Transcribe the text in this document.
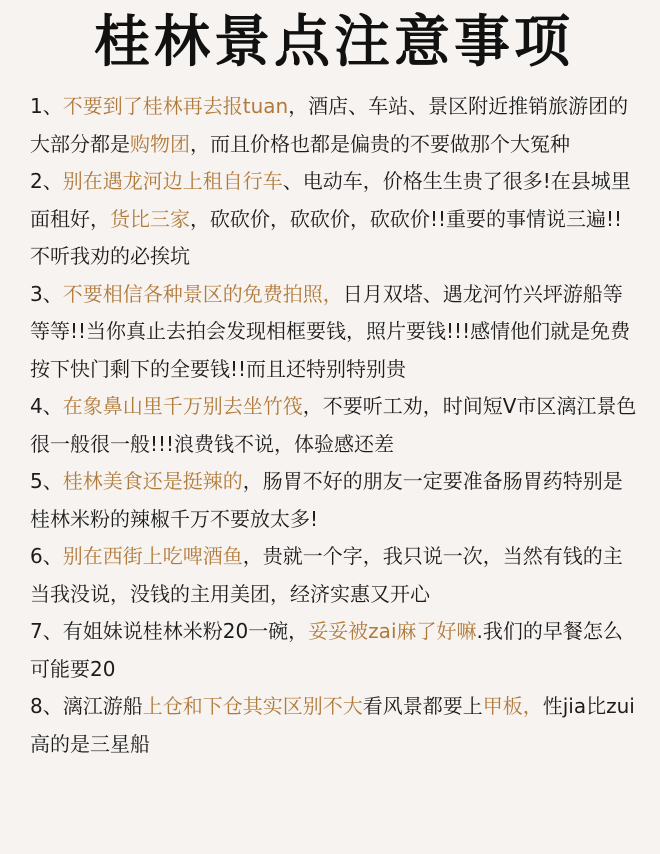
桂林景点注意事项
1、不要到了桂林再去报tuan，酒店、车站、景区附近推销旅游团的大部分都是购物团，而且价格也都是偏贵的不要做那个大冤种
2、别在遇龙河边上租自行车、电动车，价格生生贵了很多!在县城里面租好，货比三家，砍砍价，砍砍价，砍砍价!!重要的事情说三遍!!不听我劝的必挨坑
3、不要相信各种景区的免费拍照，日月双塔、遇龙河竹兴坪游船等等等!!当你真止去拍会发现相框要钱，照片要钱!!!感情他们就是免费按下快门剩下的全要钱!!而且还特别特别贵
4、在象鼻山里千万别去坐竹筏，不要听工劝，时间短V市区漓江景色很一般很一般!!!浪费钱不说，体验感还差
5、桂林美食还是挺辣的，肠胃不好的朋友一定要准备肠胃药特别是桂林米粉的辣椒千万不要放太多!
6、别在西街上吃啤酒鱼，贵就一个字，我只说一次，当然有钱的主当我没说，没钱的主用美团，经济实惠又开心
7、有姐妹说桂林米粉20一碗，妥妥被zai麻了好嘛.我们的早餐怎么可能要20
8、漓江游船上仓和下仓其实区别不大看风景都要上甲板，性jia比zui高的是三星船
